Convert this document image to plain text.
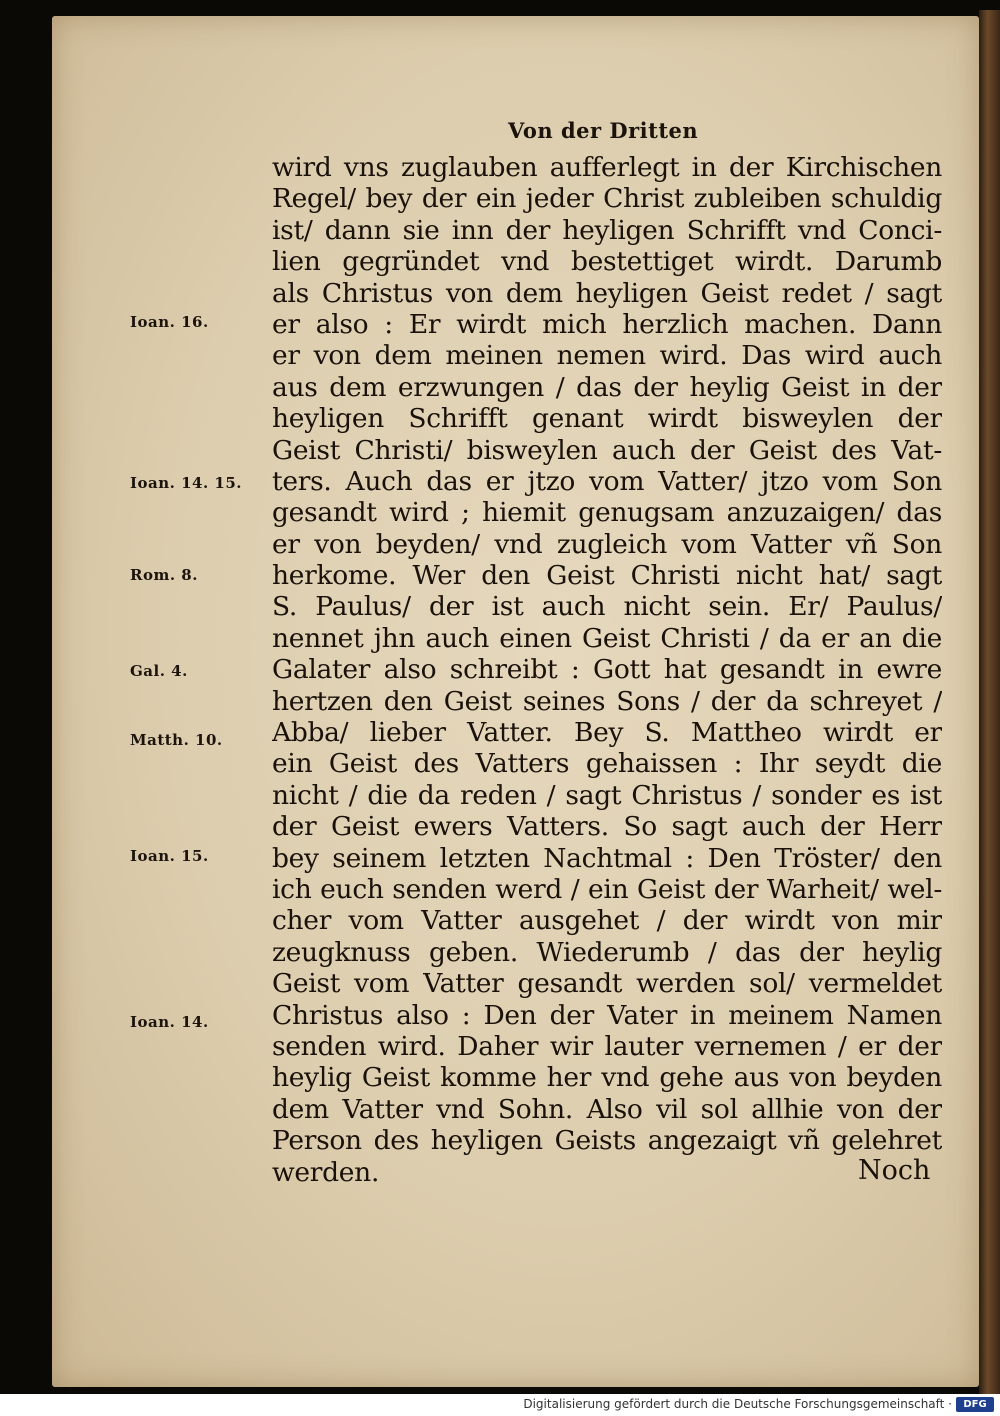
Von der Dritten
wird vns zuglauben aufferlegt in der Kirchischen
Regel/ bey der ein jeder Christ zubleiben schuldig
ist/ dann sie inn der heyligen Schrifft vnd Conci-
lien gegründet vnd bestettiget wirdt. Darumb
als Christus von dem heyligen Geist redet / sagt
er also : Er wirdt mich herzlich machen. Dann
er von dem meinen nemen wird. Das wird auch
aus dem erzwungen / das der heylig Geist in der
heyligen Schrifft genant wirdt bisweylen der
Geist Christi/ bisweylen auch der Geist des Vat-
ters. Auch das er jtzo vom Vatter/ jtzo vom Son
gesandt wird ; hiemit genugsam anzuzaigen/ das
er von beyden/ vnd zugleich vom Vatter vñ Son
herkome. Wer den Geist Christi nicht hat/ sagt
S. Paulus/ der ist auch nicht sein. Er/ Paulus/
nennet jhn auch einen Geist Christi / da er an die
Galater also schreibt : Gott hat gesandt in ewre
hertzen den Geist seines Sons / der da schreyet /
Abba/ lieber Vatter. Bey S. Mattheo wirdt er
ein Geist des Vatters gehaissen : Ihr seydt die
nicht / die da reden / sagt Christus / sonder es ist
der Geist ewers Vatters. So sagt auch der Herr
bey seinem letzten Nachtmal : Den Tröster/ den
ich euch senden werd / ein Geist der Warheit/ wel-
cher vom Vatter ausgehet / der wirdt von mir
zeugknuss geben. Wiederumb / das der heylig
Geist vom Vatter gesandt werden sol/ vermeldet
Christus also : Den der Vater in meinem Namen
senden wird. Daher wir lauter vernemen / er der
heylig Geist komme her vnd gehe aus von beyden
dem Vatter vnd Sohn. Also vil sol allhie von der
Person des heyligen Geists angezaigt vñ gelehret
werden.	Noch
Ioan. 16.
Ioan. 14. 15.
Rom. 8.
Gal. 4.
Matth. 10.
Ioan. 15.
Ioan. 14.
Digitalisierung gefördert durch die Deutsche Forschungsgemeinschaft ·	DFG
